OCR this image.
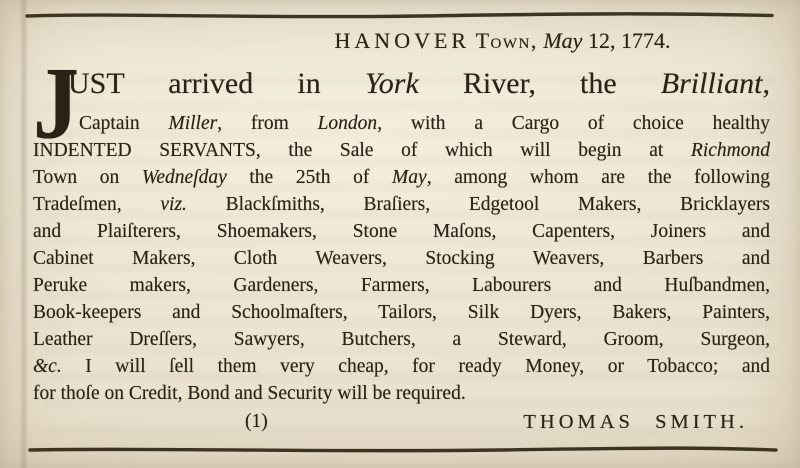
HANOVER Town, May 12, 1774.
J
UST arrived in York River, the Brilliant,
Captain Miller, from London, with a Cargo of choice healthy
INDENTED SERVANTS, the Sale of which will begin at Richmond
Town on Wedneſday the 25th of May, among whom are the following
Tradeſmen, viz. Blackſmiths, Braſiers, Edgetool Makers, Bricklayers
and Plaiſterers, Shoemakers, Stone Maſons, Capenters, Joiners and
Cabinet Makers, Cloth Weavers, Stocking Weavers, Barbers and
Peruke makers, Gardeners, Farmers, Labourers and Huſbandmen,
Book-keepers and Schoolmaſters, Tailors, Silk Dyers, Bakers, Painters,
Leather Dreſſers, Sawyers, Butchers, a Steward, Groom, Surgeon,
&c. I will ſell them very cheap, for ready Money, or Tobacco; and
for thoſe on Credit, Bond and Security will be required.
(1)	THOMAS SMITH.
